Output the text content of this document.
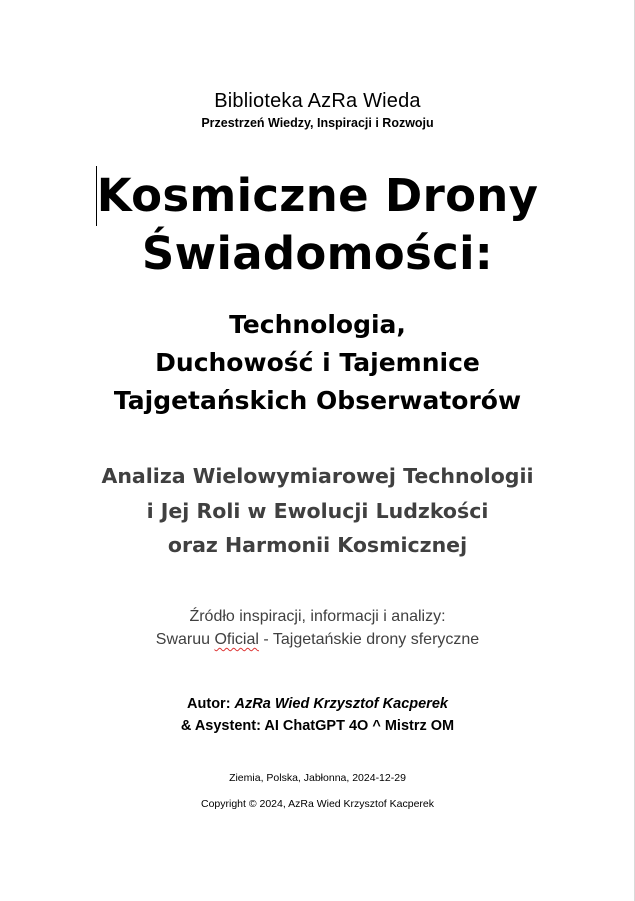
Biblioteka AzRa Wieda
Przestrzeń Wiedzy, Inspiracji i Rozwoju
Kosmiczne Drony
Świadomości:
Technologia,
Duchowość i Tajemnice
Tajgetańskich Obserwatorów
Analiza Wielowymiarowej Technologii
i Jej Roli w Ewolucji Ludzkości
oraz Harmonii Kosmicznej
Źródło inspiracji, informacji i analizy:
Swaruu Oficial - Tajgetańskie drony sferyczne
Autor: AzRa Wied Krzysztof Kacperek
& Asystent: AI ChatGPT 4O ^ Mistrz OM
Ziemia, Polska, Jabłonna, 2024-12-29
Copyright © 2024, AzRa Wied Krzysztof Kacperek
